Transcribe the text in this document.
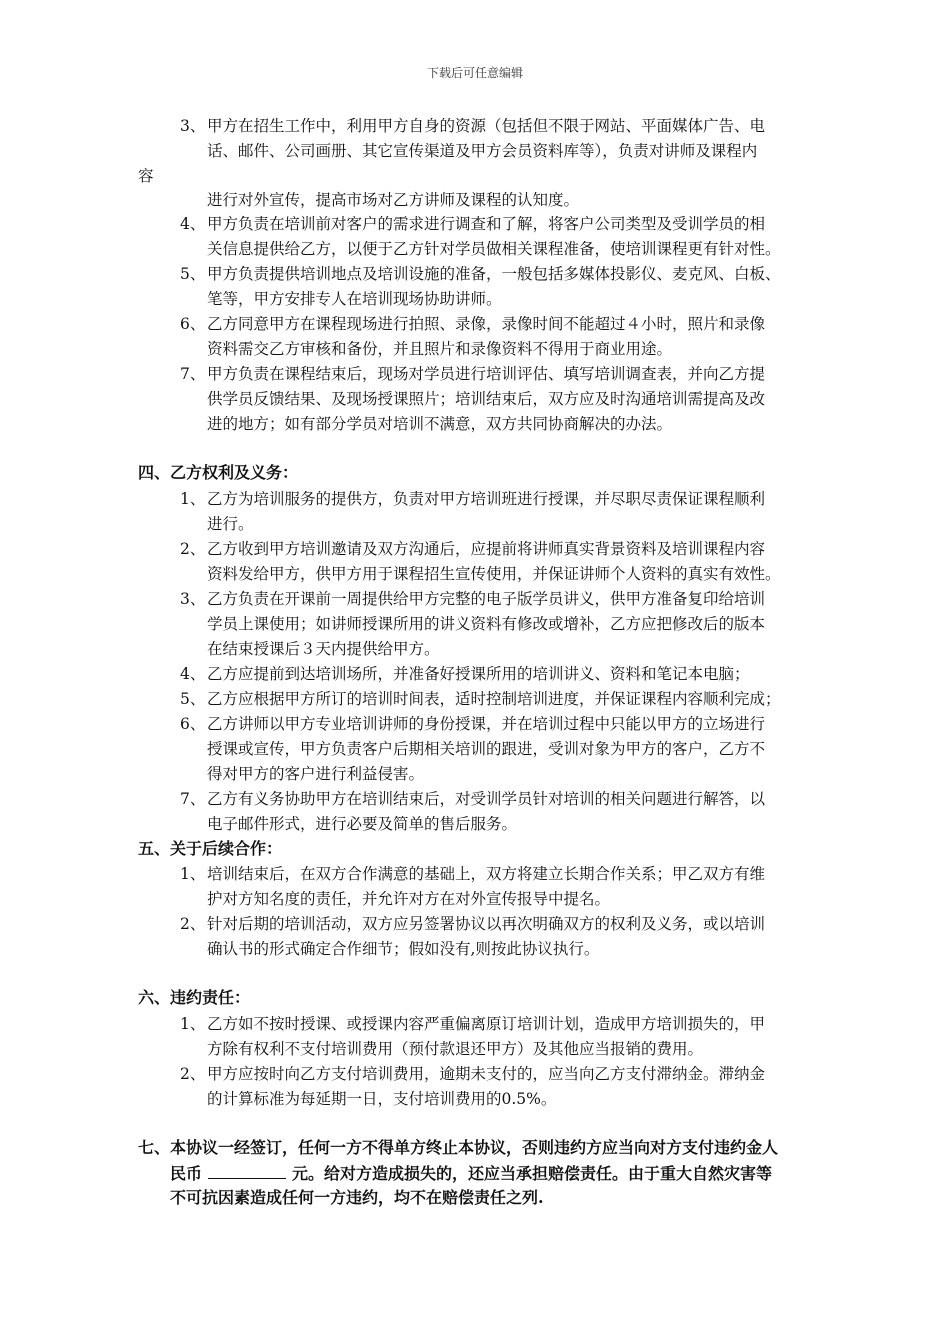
下载后可任意编辑
3、 甲方在招生工作中，利用甲方自身的资源（包括但不限于网站、平面媒体广告、电
话、邮件、公司画册、其它宣传渠道及甲方会员资料库等），负责对讲师及课程内
容
进行对外宣传，提高市场对乙方讲师及课程的认知度。
4、 甲方负责在培训前对客户的需求进行调查和了解，将客户公司类型及受训学员的相
关信息提供给乙方，以便于乙方针对学员做相关课程准备，使培训课程更有针对性。
5、 甲方负责提供培训地点及培训设施的准备，一般包括多媒体投影仪、麦克风、白板、
笔等，甲方安排专人在培训现场协助讲师。
6、 乙方同意甲方在课程现场进行拍照、录像，录像时间不能超过４小时，照片和录像
资料需交乙方审核和备份，并且照片和录像资料不得用于商业用途。
7、 甲方负责在课程结束后，现场对学员进行培训评估、填写培训调查表，并向乙方提
供学员反馈结果、及现场授课照片；培训结束后，双方应及时沟通培训需提高及改
进的地方；如有部分学员对培训不满意，双方共同协商解决的办法。
四、乙方权利及义务：
1、 乙方为培训服务的提供方，负责对甲方培训班进行授课，并尽职尽责保证课程顺利
进行。
2、 乙方收到甲方培训邀请及双方沟通后，应提前将讲师真实背景资料及培训课程内容
资料发给甲方，供甲方用于课程招生宣传使用，并保证讲师个人资料的真实有效性。
3、 乙方负责在开课前一周提供给甲方完整的电子版学员讲义，供甲方准备复印给培训
学员上课使用；如讲师授课所用的讲义资料有修改或增补，乙方应把修改后的版本
在结束授课后３天内提供给甲方。
4、 乙方应提前到达培训场所，并准备好授课所用的培训讲义、资料和笔记本电脑；
5、 乙方应根据甲方所订的培训时间表，适时控制培训进度，并保证课程内容顺利完成；
6、 乙方讲师以甲方专业培训讲师的身份授课，并在培训过程中只能以甲方的立场进行
授课或宣传，甲方负责客户后期相关培训的跟进，受训对象为甲方的客户，乙方不
得对甲方的客户进行利益侵害。
7、 乙方有义务协助甲方在培训结束后，对受训学员针对培训的相关问题进行解答，以
电子邮件形式，进行必要及简单的售后服务。
五、关于后续合作：
1、 培训结束后，在双方合作满意的基础上，双方将建立长期合作关系；甲乙双方有维
护对方知名度的责任，并允许对方在对外宣传报导中提名。
2、 针对后期的培训活动，双方应另签署协议以再次明确双方的权利及义务，或以培训
确认书的形式确定合作细节；假如没有,则按此协议执行。
六、违约责任：
1、 乙方如不按时授课、或授课内容严重偏离原订培训计划，造成甲方培训损失的，甲
方除有权利不支付培训费用（预付款退还甲方）及其他应当报销的费用。
2、 甲方应按时向乙方支付培训费用，逾期未支付的，应当向乙方支付滞纳金。滞纳金
的计算标准为每延期一日，支付培训费用的0.5%。
七、本协议一经签订，任何一方不得单方终止本协议，否则违约方应当向对方支付违约金人
民币	元。给对方造成损失的，还应当承担赔偿责任。由于重大自然灾害等
不可抗因素造成任何一方违约，均不在赔偿责任之列.
